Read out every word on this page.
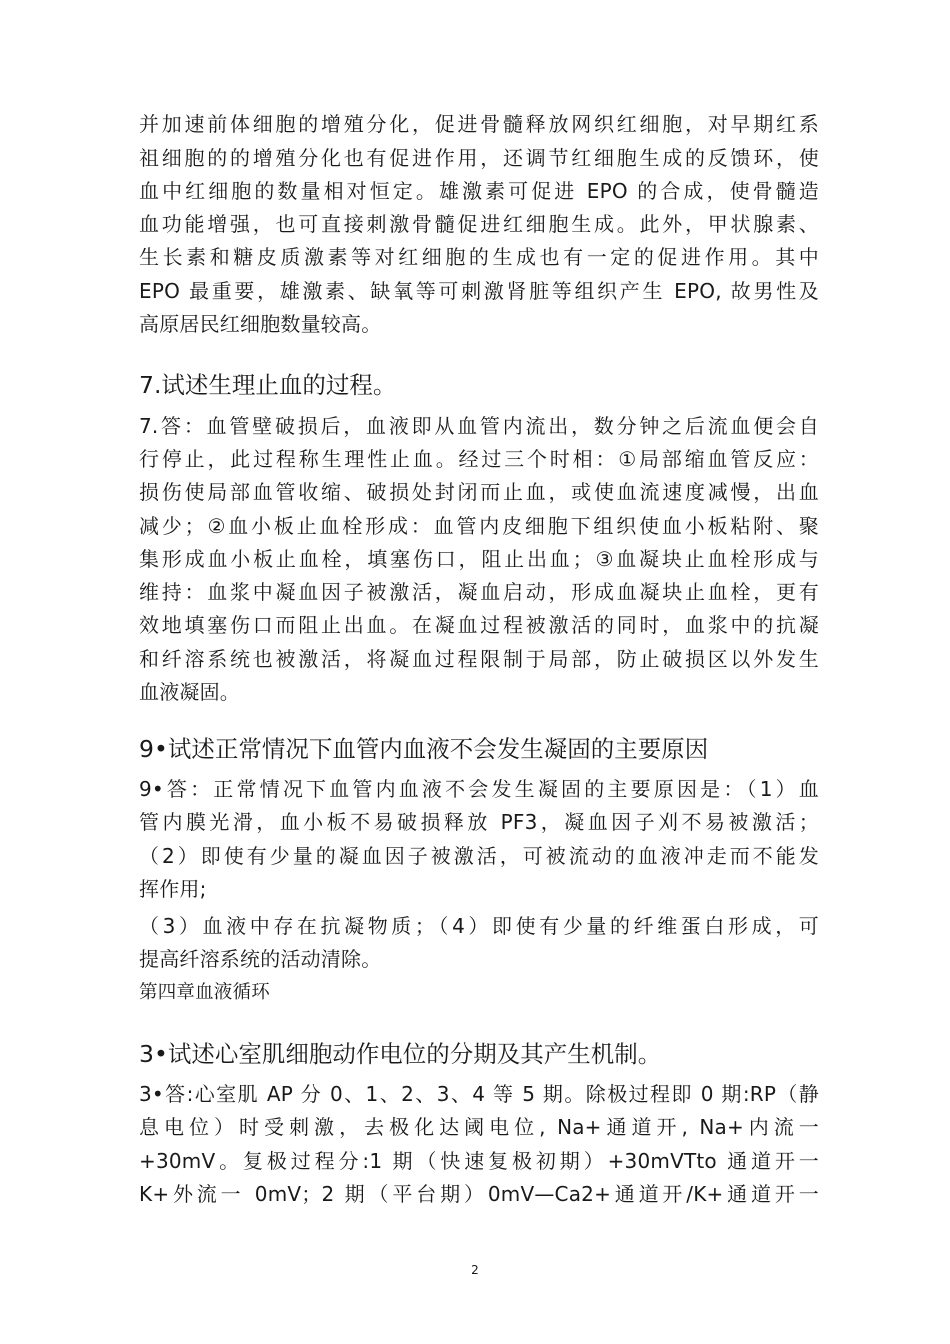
并加速前体细胞的增殖分化，促进骨髓释放网织红细胞，对早期红系
祖细胞的的增殖分化也有促进作用，还调节红细胞生成的反馈环，使
血中红细胞的数量相对恒定。雄激素可促进 EPO 的合成，使骨髓造
血功能增强，也可直接刺激骨髓促进红细胞生成。此外，甲状腺素、
生长素和糖皮质激素等对红细胞的生成也有一定的促进作用。其中
EPO 最重要，雄激素、缺氧等可刺激肾脏等组织产生 EPO, 故男性及
高原居民红细胞数量较高。
7.试述生理止血的过程。
7.答：血管壁破损后，血液即从血管内流出，数分钟之后流血便会自
行停止，此过程称生理性止血。经过三个时相：①局部缩血管反应：
损伤使局部血管收缩、破损处封闭而止血，或使血流速度减慢，出血
减少；②血小板止血栓形成：血管内皮细胞下组织使血小板粘附、聚
集形成血小板止血栓，填塞伤口，阻止出血；③血凝块止血栓形成与
维持：血浆中凝血因子被激活，凝血启动，形成血凝块止血栓，更有
效地填塞伤口而阻止出血。在凝血过程被激活的同时，血浆中的抗凝
和纤溶系统也被激活，将凝血过程限制于局部，防止破损区以外发生
血液凝固。
9•试述正常情况下血管内血液不会发生凝固的主要原因
9•答：正常情况下血管内血液不会发生凝固的主要原因是：（1）血
管内膜光滑，血小板不易破损释放 PF3，凝血因子刈不易被激活；
（2）即使有少量的凝血因子被激活，可被流动的血液冲走而不能发
挥作用;
（3）血液中存在抗凝物质；（4）即使有少量的纤维蛋白形成，可
提高纤溶系统的活动清除。
第四章血液循环
3•试述心室肌细胞动作电位的分期及其产生机制。
3•答:心室肌 AP 分 0、1、2、3、4 等 5 期。除极过程即 0 期:RP（静
息电位）时受刺激，去极化达阈电位, Na+通道开, Na+内流一
+30mV。复极过程分:1 期（快速复极初期）+30mVTto 通道开一
K+外流一 0mV；2 期（平台期）0mV—Ca2+通道开/K+通道开一
2
